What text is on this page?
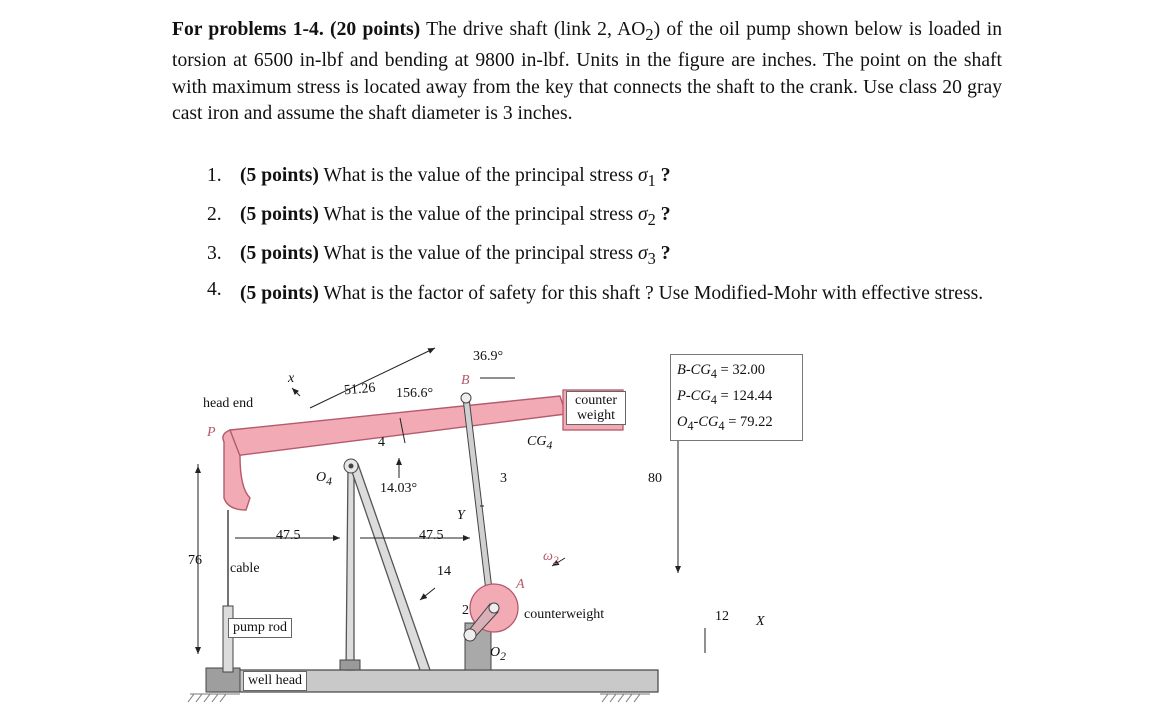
For problems 1-4. (20 points) The drive shaft (link 2, $AO_2$) of the oil pump shown below is loaded in torsion at 6500 in-lbf and bending at 9800 in-lbf. Units in the figure are inches. The point on the shaft with maximum stress is located away from the key that connects the shaft to the crank. Use class 20 gray cast iron and assume the shaft diameter is 3 inches.

1. (5 points) What is the value of the principal stress $\sigma_1$ ?
2. (5 points) What is the value of the principal stress $\sigma_2$ ?
3. (5 points) What is the value of the principal stress $\sigma_3$ ?
4. (5 points) What is the factor of safety for this shaft ? Use Modified-Mohr with effective stress.
head end
P
x
51.26 156.6°
36.9°
B
4	$CG_4$
counter weight
$O_4$	14.03°
3	80
Y
47.5	47.5
76
cable	14
$\omega_2$
A
2	counterweight	12 X
pump rod
$O_2$
well head
$B-CG_4 = 32.00$
$P-CG_4 = 124.44$
$O_4-CG_4 = 79.22$
